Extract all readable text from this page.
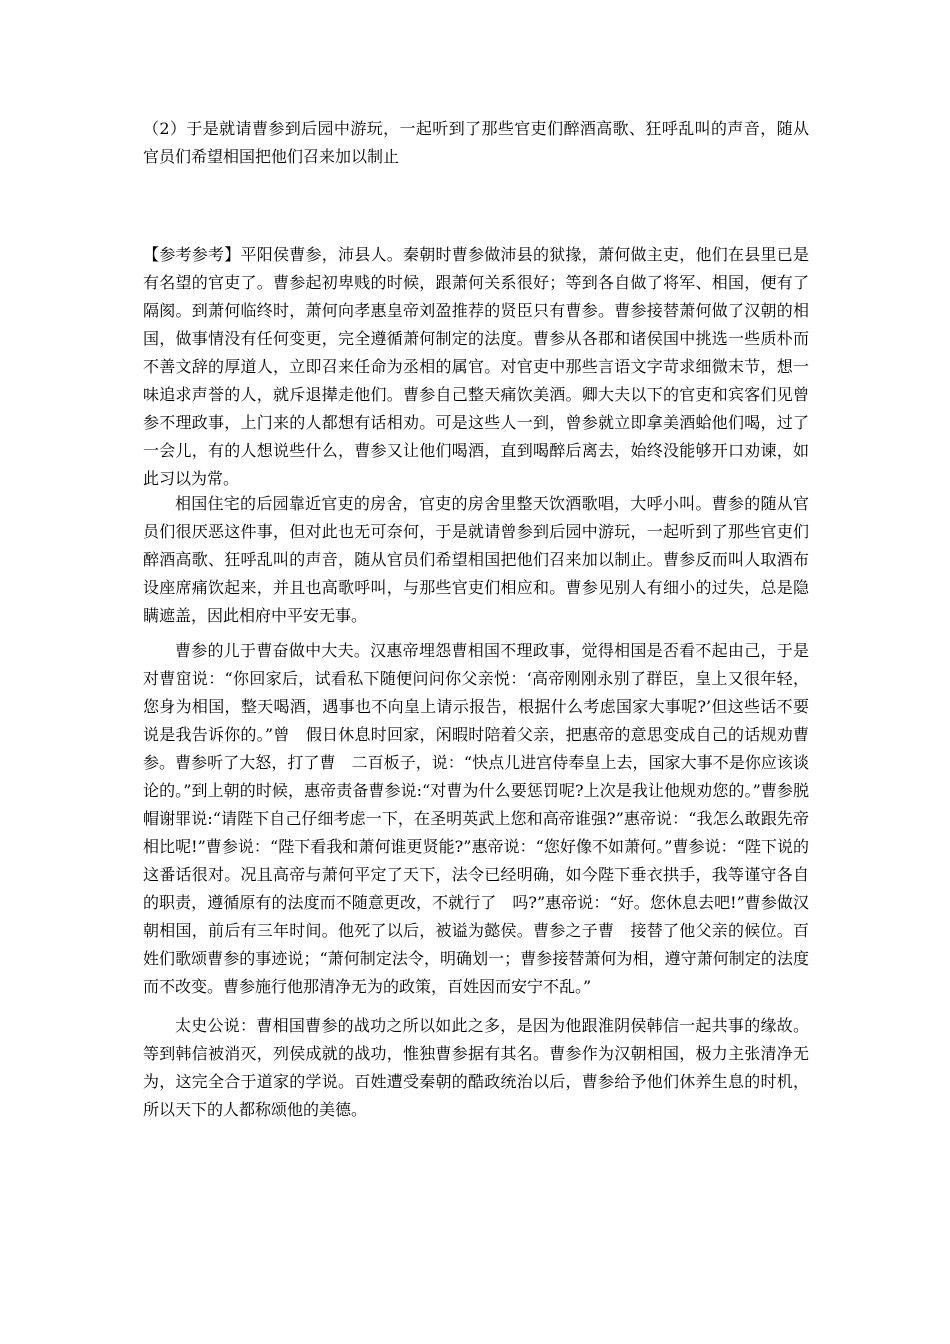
（2）于是就请曹参到后园中游玩，一起听到了那些官吏们醉酒高歌、狂呼乱叫的声音，随从官员们希望相国把他们召来加以制止

【参考参考】平阳侯曹参，沛县人。秦朝时曹参做沛县的狱掾，萧何做主吏，他们在县里已是有名望的官吏了。曹参起初卑贱的时候，跟萧何关系很好；等到各自做了将军、相国，便有了隔阂。到萧何临终时，萧何向孝惠皇帝刘盈推荐的贤臣只有曹参。曹参接替萧何做了汉朝的相国，做事情没有任何变更，完全遵循萧何制定的法度。曹参从各郡和诸侯国中挑选一些质朴而不善文辞的厚道人，立即召来任命为丞相的属官。对官吏中那些言语文字苛求细微末节，想一味追求声誉的人，就斥退撵走他们。曹参自己整天痛饮美酒。卿大夫以下的官吏和宾客们见曾参不理政事，上门来的人都想有话相劝。可是这些人一到，曾参就立即拿美酒蛤他们喝，过了一会儿，有的人想说些什么，曹参又让他们喝酒，直到喝醉后离去，始终没能够开口劝谏，如此习以为常。

相国住宅的后园靠近官吏的房舍，官吏的房舍里整天饮酒歌唱，大呼小叫。曹参的随从官员们很厌恶这件事，但对此也无可奈何，于是就请曾参到后园中游玩，一起听到了那些官吏们醉酒高歌、狂呼乱叫的声音，随从官员们希望相国把他们召来加以制止。曹参反而叫人取酒布设座席痛饮起来，并且也高歌呼叫，与那些官吏们相应和。曹参见别人有细小的过失，总是隐瞒遮盖，因此相府中平安无事。

曹参的儿于曹奋做中大夫。汉惠帝埋怨曹相国不理政事，觉得相国是否看不起由己，于是对曹窋说：“你回家后，试看私下随便问问你父亲悦：‘高帝刚刚永别了群臣，皇上又很年轻，您身为相国，整天喝酒，遇事也不向皇上请示报告，根据什么考虑国家大事呢?’但这些话不要说是我告诉你的。”曾　假日休息时回家，闲暇时陪着父亲，把惠帝的意思变成自己的话规劝曹参。曹参听了大怒，打了曹　二百板子，说：“快点儿进宫侍奉皇上去，国家大事不是你应该谈论的。”到上朝的时候，惠帝责备曹参说:“对曹为什么要惩罚呢?上次是我让他规劝您的。”曹参脱帽谢罪说:“请陛下自己仔细考虑一下，在圣明英武上您和高帝谁强?”惠帝说：“我怎么敢跟先帝相比呢!”曹参说：“陛下看我和萧何谁更贤能?”惠帝说：“您好像不如萧何。”曹参说：“陛下说的这番话很对。况且高帝与萧何平定了天下，法令已经明确，如今陛下垂衣拱手，我等谨守各自的职责，遵循原有的法度而不随意更改，不就行了　吗?”惠帝说：“好。您休息去吧!”曹参做汉朝相国，前后有三年时间。他死了以后，被谥为懿侯。曹参之子曹　接替了他父亲的候位。百姓们歌颂曹参的事迹说；“萧何制定法令，明确划一；曹参接替萧何为相，遵守萧何制定的法度而不改变。曹参施行他那清净无为的政策，百姓因而安宁不乱。”

太史公说：曹相国曹参的战功之所以如此之多，是因为他跟淮阴侯韩信一起共事的缘故。等到韩信被消灭，列侯成就的战功，惟独曹参据有其名。曹参作为汉朝相国，极力主张清净无为，这完全合于道家的学说。百姓遭受秦朝的酷政统治以后，曹参给予他们休养生息的时机，所以天下的人都称颂他的美德。
